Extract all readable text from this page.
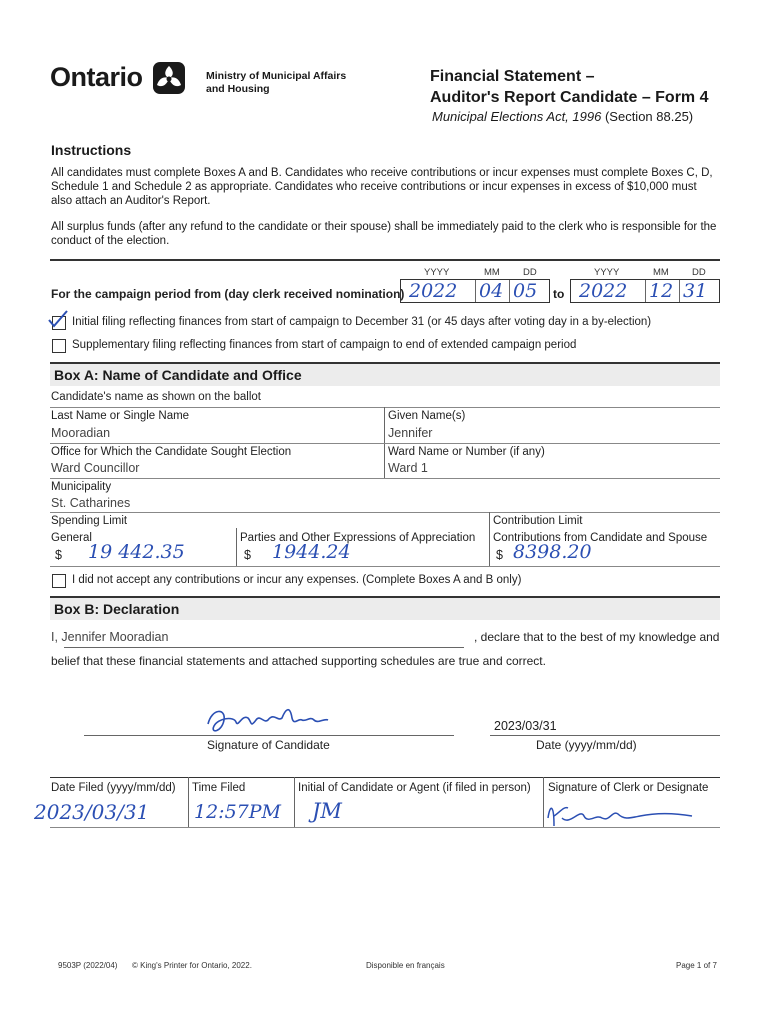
Ontario	Ministry of Municipal Affairs
and Housing
Financial Statement –
Auditor's Report Candidate – Form 4
Municipal Elections Act, 1996 (Section 88.25)
Instructions
All candidates must complete Boxes A and B. Candidates who receive contributions or incur expenses must complete Boxes C, D, Schedule 1 and Schedule 2 as appropriate. Candidates who receive contributions or incur expenses in excess of $10,000 must also attach an Auditor's Report.
All surplus funds (after any refund to the candidate or their spouse) shall be immediately paid to the clerk who is responsible for the conduct of the election.
For the campaign period from (day clerk received nomination)
YYYY	MM DD	YYYY	MM DD
2022 04 05 to 2022 12 31
Initial filing reflecting finances from start of campaign to December 31 (or 45 days after voting day in a by-election)
Supplementary filing reflecting finances from start of campaign to end of extended campaign period
Box A: Name of Candidate and Office
Candidate's name as shown on the ballot
Last Name or Single Name
Mooradian
Given Name(s)
Jennifer
Office for Which the Candidate Sought Election
Ward Councillor
Ward Name or Number (if any)
Ward 1
Municipality
St. Catharines
Spending Limit
General
$ 19 442.35
Parties and Other Expressions of Appreciation
$ 1944.24
Contribution Limit
Contributions from Candidate and Spouse
$ 8398.20
I did not accept any contributions or incur any expenses. (Complete Boxes A and B only)
Box B: Declaration
I, Jennifer Mooradian	, declare that to the best of my knowledge and
belief that these financial statements and attached supporting schedules are true and correct.
Signature of Candidate
2023/03/31
Date (yyyy/mm/dd)
Date Filed (yyyy/mm/dd) Time Filed	Initial of Candidate or Agent (if filed in person) Signature of Clerk or Designate
2023/03/31 12:57PM JM
9503P (2022/04) © King's Printer for Ontario, 2022.	Disponible en français	Page 1 of 7
